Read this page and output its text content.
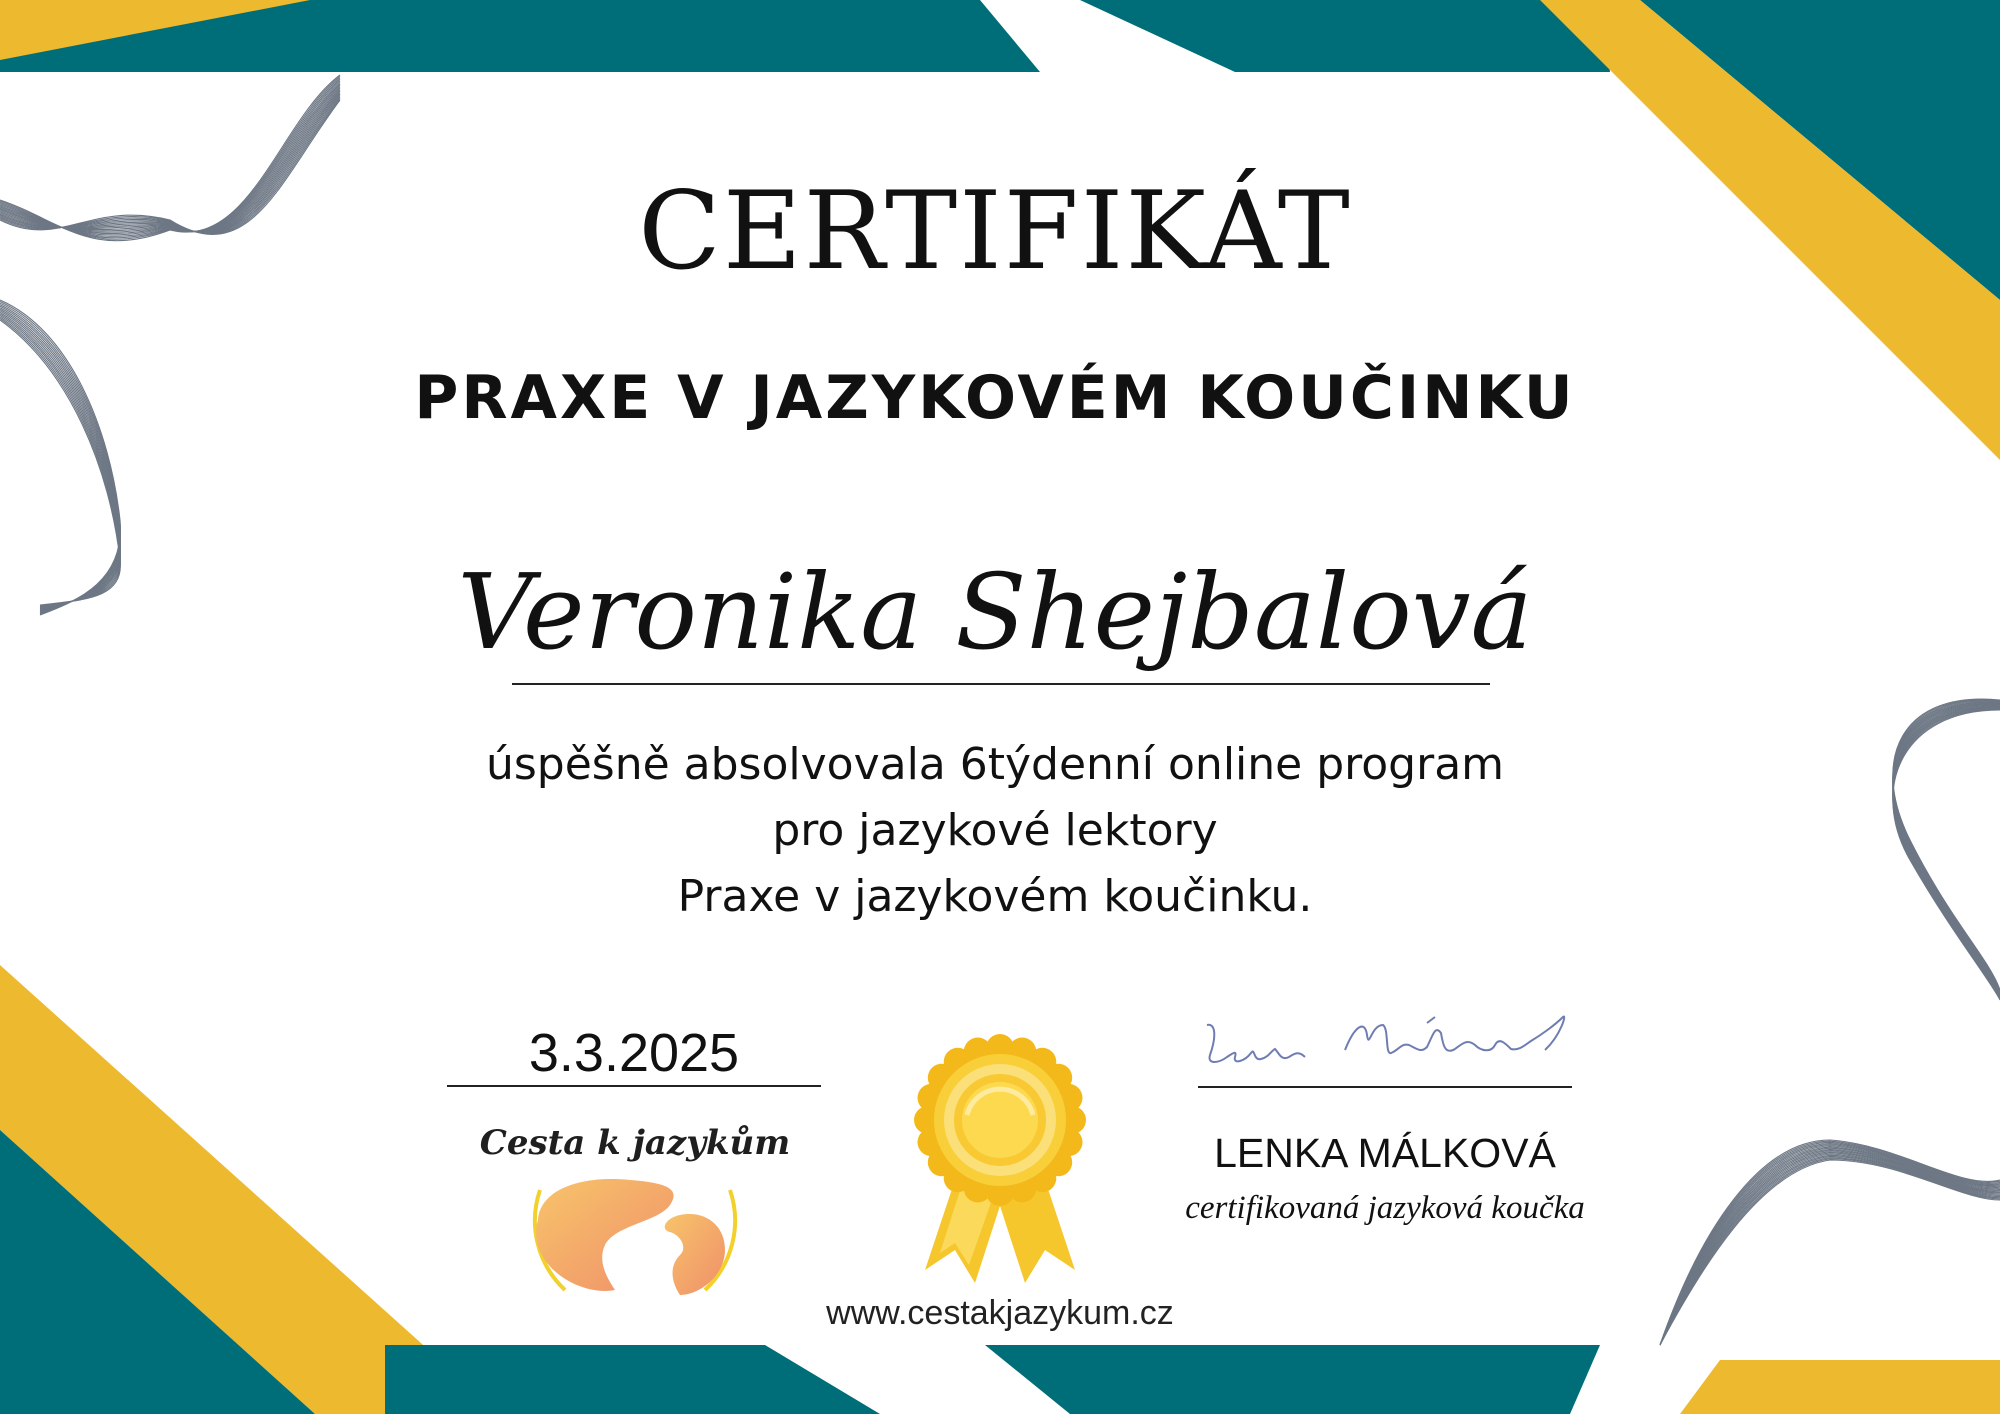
CERTIFIKÁT
PRAXE V JAZYKOVÉM KOUČINKU
Veronika Shejbalová
úspěšně absolvovala 6týdenní online program
pro jazykové lektory
Praxe v jazykovém koučinku.
3.3.2025
Cesta k jazykům	LENKA MÁLKOVÁ
certifikovaná jazyková koučka
www.cestakjazykum.cz
